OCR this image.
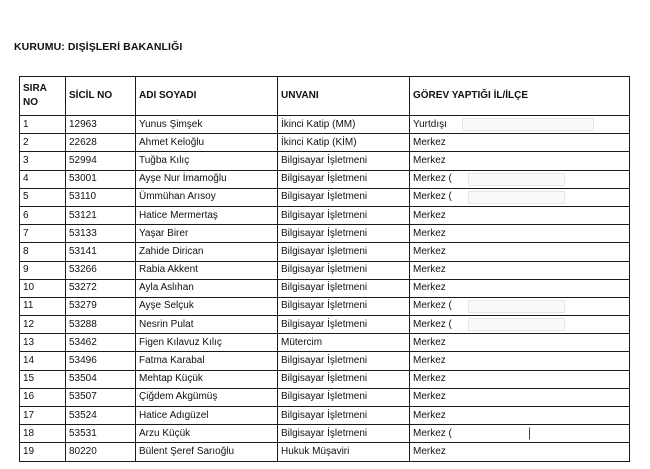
KURUMU: DIŞİŞLERİ BAKANLIĞI
SIRA NO	SİCİL NO	ADI SOYADI	UNVANI	GÖREV YAPTIĞI İL/İLÇE
1	12963	Yunus Şimşek	İkinci Katip (MM)	Yurtdışı

2	22628	Ahmet Keloğlu	İkinci Katip (KİM)	Merkez
3	52994	Tuğba Kılıç	Bilgisayar İşletmeni	Merkez
4	53001	Ayşe Nur İmamoğlu	Bilgisayar İşletmeni	Merkez (

5	53110	Ümmühan Arısoy	Bilgisayar İşletmeni	Merkez (

6	53121	Hatice Mermertaş	Bilgisayar İşletmeni	Merkez
7	53133	Yaşar Birer	Bilgisayar İşletmeni	Merkez
8	53141	Zahide Dirican	Bilgisayar İşletmeni	Merkez
9	53266	Rabia Akkent	Bilgisayar İşletmeni	Merkez
10	53272	Ayla Aslıhan	Bilgisayar İşletmeni	Merkez
11	53279	Ayşe Selçuk	Bilgisayar İşletmeni	Merkez (

12	53288	Nesrin Pulat	Bilgisayar İşletmeni	Merkez (

13	53462	Figen Kılavuz Kılıç	Mütercim	Merkez
14	53496	Fatma Karabal	Bilgisayar İşletmeni	Merkez
15	53504	Mehtap Küçük	Bilgisayar İşletmeni	Merkez
16	53507	Çiğdem Akgümüş	Bilgisayar İşletmeni	Merkez
17	53524	Hatice Adıgüzel	Bilgisayar İşletmeni	Merkez
18	53531	Arzu Küçük	Bilgisayar İşletmeni	Merkez (

19	80220	Bülent Şeref Sarıoğlu	Hukuk Müşaviri	Merkez
